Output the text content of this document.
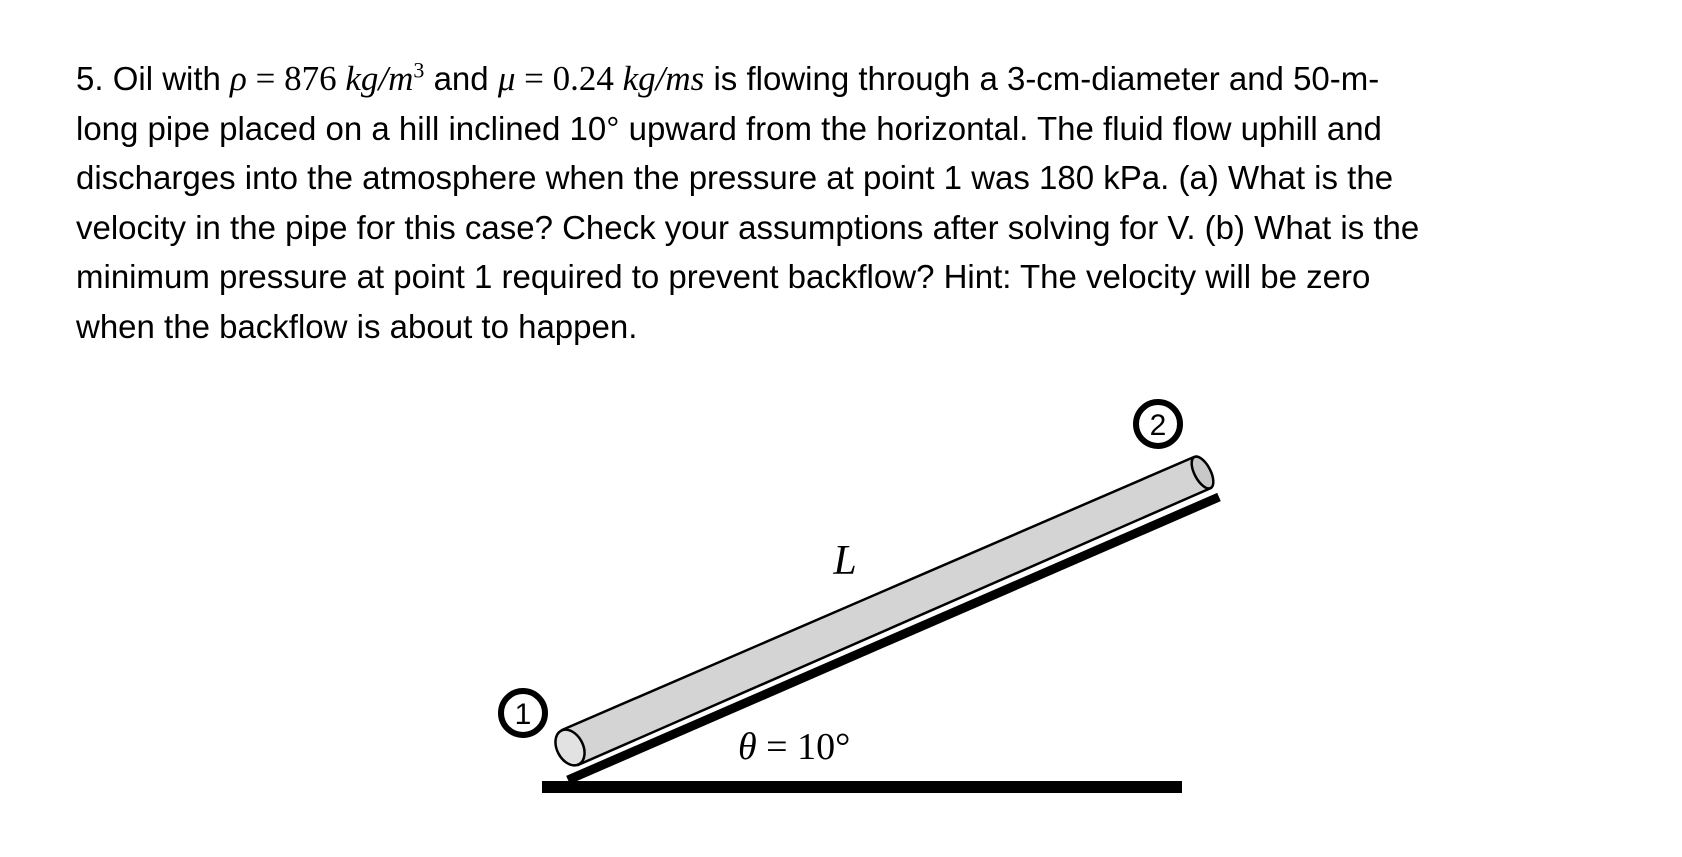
5. Oil with ρ = 876 $kg/m^3$ and μ = 0.24 kg/ms is flowing through a 3-cm-diameter and 50-m-
long pipe placed on a hill inclined 10° upward from the horizontal. The fluid flow uphill and
discharges into the atmosphere when the pressure at point 1 was 180 kPa. (a) What is the
velocity in the pipe for this case? Check your assumptions after solving for V. (b) What is the
minimum pressure at point 1 required to prevent backflow? Hint: The velocity will be zero
when the backflow is about to happen.
L
θ = 10°
1
2
